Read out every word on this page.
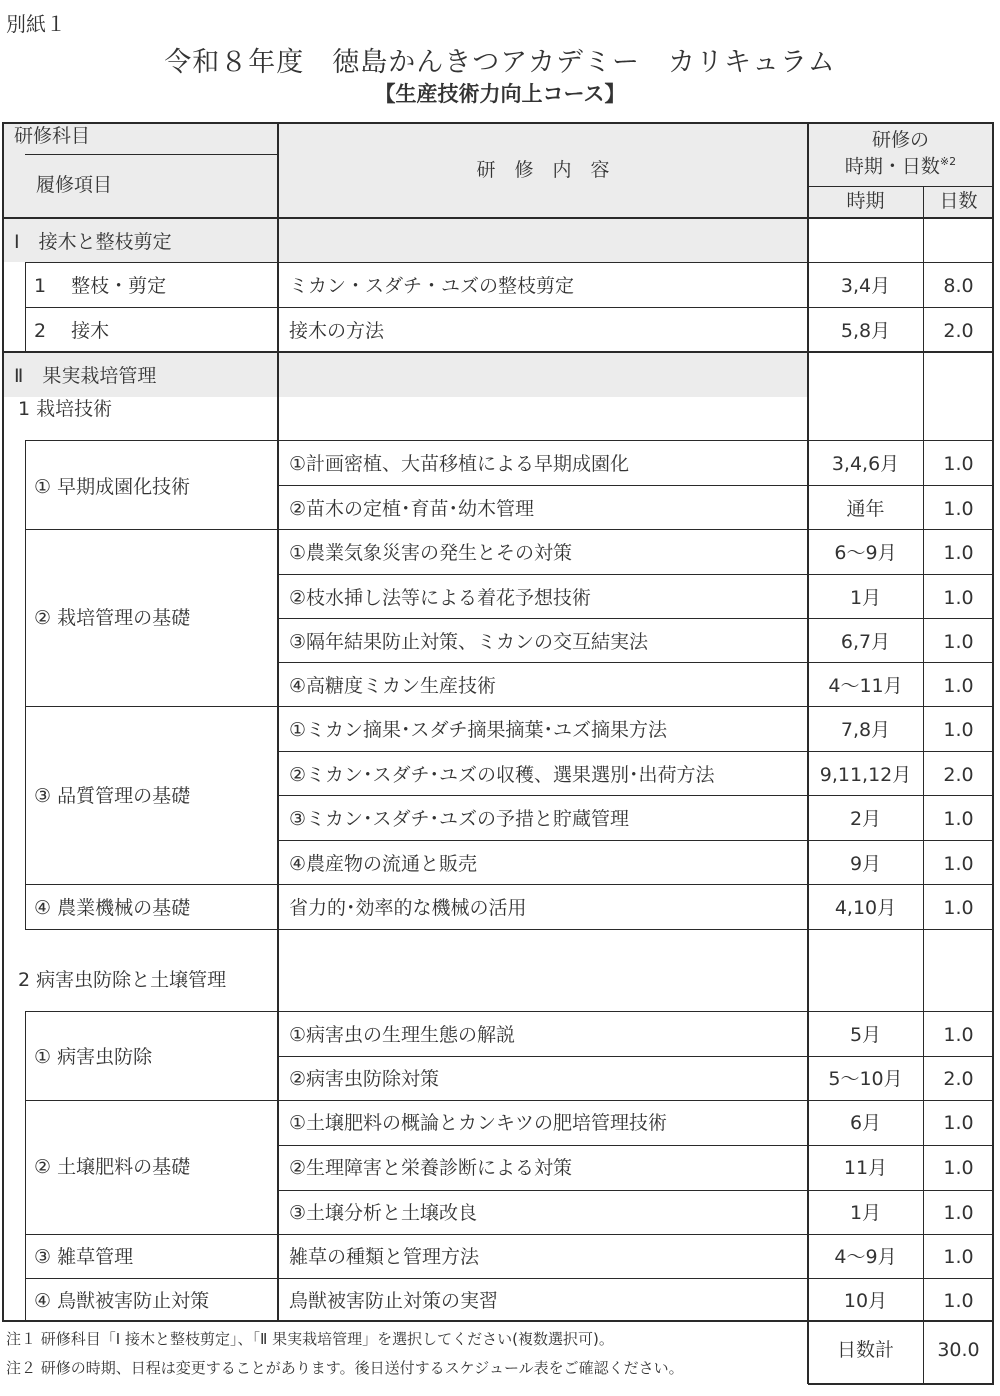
別紙１
令和８年度　徳島かんきつアカデミー　カリキュラム
【生産技術力向上コース】
研修科目
履修項目
研　修　内　容
研修の
時期・日数$^{※2}$
時期	日数
Ⅰ　接木と整枝剪定
1　 整枝・剪定	ミカン・スダチ・ユズの整枝剪定	3,4月	8.0
2　 接木	接木の方法	5,8月	2.0
Ⅱ　果実栽培管理
1 栽培技術
① 早期成園化技術
①計画密植、大苗移植による早期成園化	3,4,6月	1.0
②苗木の定植･育苗･幼木管理	通年	1.0
② 栽培管理の基礎
①農業気象災害の発生とその対策	6～9月	1.0
②枝水挿し法等による着花予想技術	1月	1.0
③隔年結果防止対策、ミカンの交互結実法	6,7月	1.0
④高糖度ミカン生産技術	4～11月	1.0
③ 品質管理の基礎
①ミカン摘果･スダチ摘果摘葉･ユズ摘果方法	7,8月	1.0
②ミカン･スダチ･ユズの収穫、選果選別･出荷方法	9,11,12月	2.0
③ミカン･スダチ･ユズの予措と貯蔵管理	2月	1.0
④農産物の流通と販売	9月	1.0
④ 農業機械の基礎	省力的･効率的な機械の活用	4,10月	1.0
2 病害虫防除と土壌管理
① 病害虫防除
①病害虫の生理生態の解説	5月	1.0
②病害虫防除対策	5～10月	2.0
② 土壌肥料の基礎
①土壌肥料の概論とカンキツの肥培管理技術	6月	1.0
②生理障害と栄養診断による対策	11月	1.0
③土壌分析と土壌改良	1月	1.0
③ 雑草管理	雑草の種類と管理方法	4～9月	1.0
④ 鳥獣被害防止対策	鳥獣被害防止対策の実習	10月	1.0
注１ 研修科目「Ⅰ 接木と整枝剪定」、「Ⅱ 果実栽培管理」を選択してください(複数選択可)。
注２ 研修の時期、日程は変更することがあります。後日送付するスケジュール表をご確認ください。
日数計	30.0
